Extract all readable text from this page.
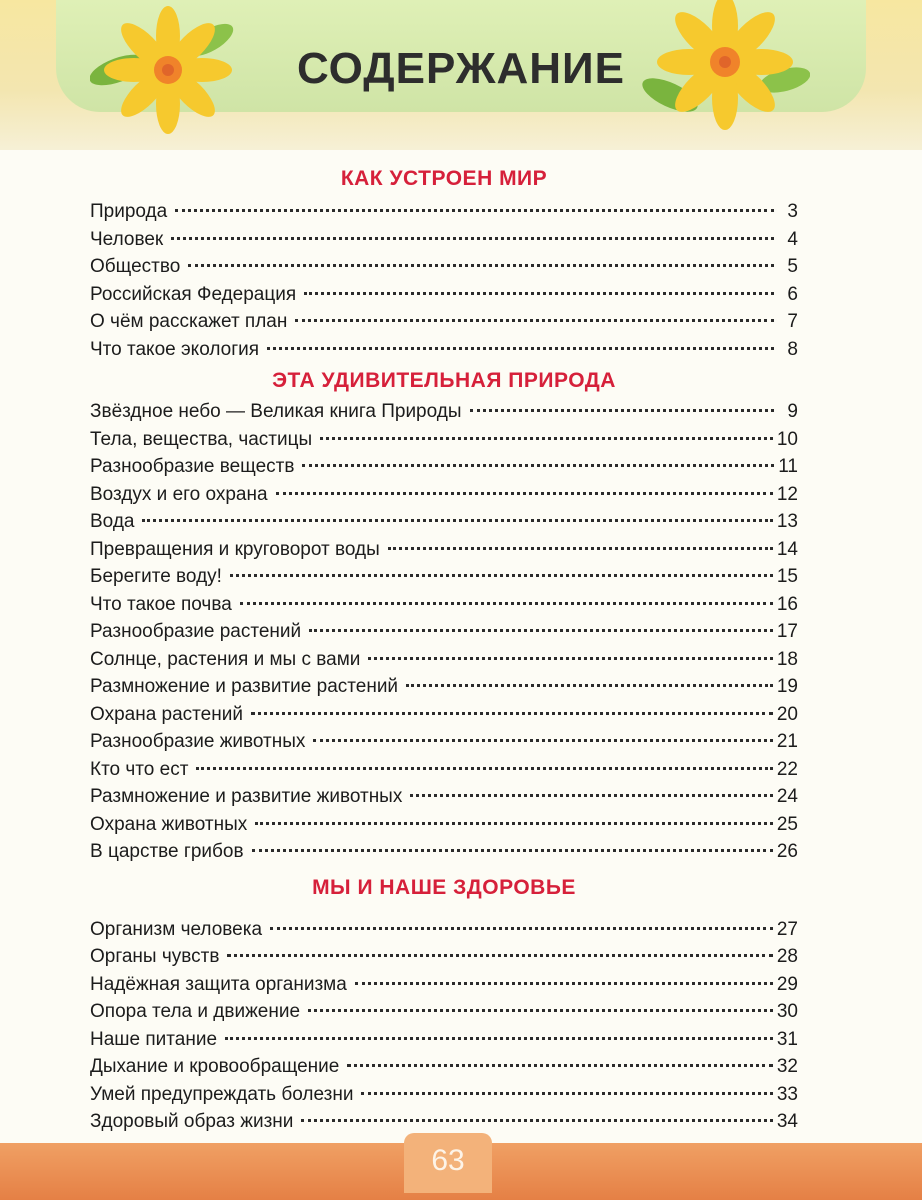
СОДЕРЖАНИЕ
КАК УСТРОЕН МИР
Природа	3
Человек	4
Общество	5
Российская Федерация	6
О чём расскажет план	7
Что такое экология	8
ЭТА УДИВИТЕЛЬНАЯ ПРИРОДА
Звёздное небо — Великая книга Природы	9
Тела, вещества, частицы	10
Разнообразие веществ	11
Воздух и его охрана	12
Вода	13
Превращения и круговорот воды	14
Берегите воду!	15
Что такое почва	16
Разнообразие растений	17
Солнце, растения и мы с вами	18
Размножение и развитие растений	19
Охрана растений	20
Разнообразие животных	21
Кто что ест	22
Размножение и развитие животных	24
Охрана животных	25
В царстве грибов	26
МЫ И НАШЕ ЗДОРОВЬЕ
Организм человека	27
Органы чувств	28
Надёжная защита организма	29
Опора тела и движение	30
Наше питание	31
Дыхание и кровообращение	32
Умей предупреждать болезни	33
Здоровый образ жизни	34
63
